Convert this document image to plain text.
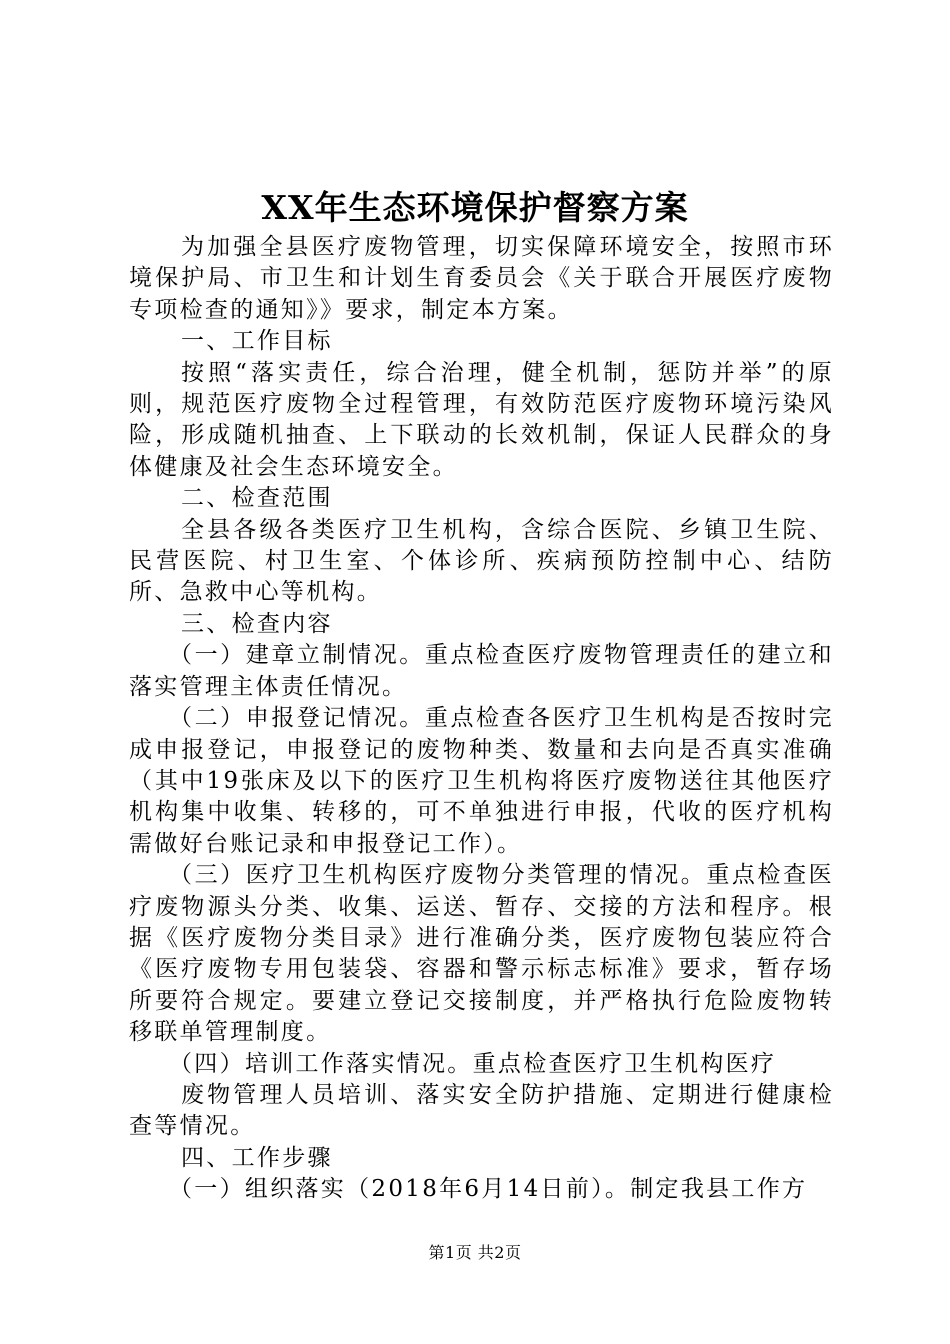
XX年生态环境保护督察方案

为加强全县医疗废物管理，切实保障环境安全，按照市环境保护局、市卫生和计划生育委员会《关于联合开展医疗废物专项检查的通知》》要求，制定本方案。

一、工作目标

按照“落实责任，综合治理，健全机制，惩防并举”的原则，规范医疗废物全过程管理，有效防范医疗废物环境污染风险，形成随机抽查、上下联动的长效机制，保证人民群众的身体健康及社会生态环境安全。

二、检查范围

全县各级各类医疗卫生机构，含综合医院、乡镇卫生院、民营医院、村卫生室、个体诊所、疾病预防控制中心、结防所、急救中心等机构。

三、检查内容

（一）建章立制情况。重点检查医疗废物管理责任的建立和落实管理主体责任情况。

（二）申报登记情况。重点检查各医疗卫生机构是否按时完成申报登记，申报登记的废物种类、数量和去向是否真实准确（其中19张床及以下的医疗卫生机构将医疗废物送往其他医疗机构集中收集、转移的，可不单独进行申报，代收的医疗机构需做好台账记录和申报登记工作）。

（三）医疗卫生机构医疗废物分类管理的情况。重点检查医疗废物源头分类、收集、运送、暂存、交接的方法和程序。根据《医疗废物分类目录》进行准确分类，医疗废物包装应符合《医疗废物专用包装袋、容器和警示标志标准》要求，暂存场所要符合规定。要建立登记交接制度，并严格执行危险废物转移联单管理制度。

（四）培训工作落实情况。重点检查医疗卫生机构医疗

废物管理人员培训、落实安全防护措施、定期进行健康检查等情况。

四、工作步骤

（一）组织落实（2018年6月14日前）。制定我县工作方

第1页 共2页
